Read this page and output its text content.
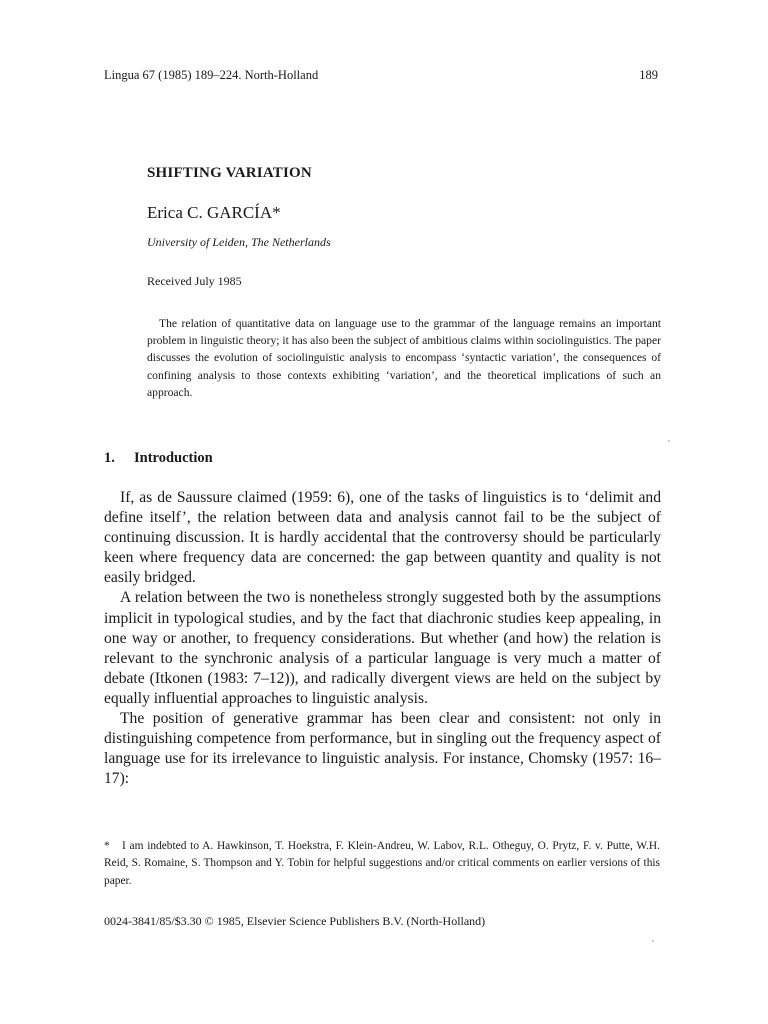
Lingua 67 (1985) 189–224. North-Holland	189
SHIFTING VARIATION
Erica C. GARCÍA*
University of Leiden, The Netherlands
Received July 1985

The relation of quantitative data on language use to the grammar of the language remains an important problem in linguistic theory; it has also been the subject of ambitious claims within sociolinguistics. The paper discusses the evolution of sociolinguistic analysis to encompass ‘syntactic variation’, the consequences of confining analysis to those contexts exhibiting ‘variation’, and the theoretical implications of such an approach.

1. Introduction

If, as de Saussure claimed (1959: 6), one of the tasks of linguistics is to ‘delimit and define itself’, the relation between data and analysis cannot fail to be the subject of continuing discussion. It is hardly accidental that the controversy should be particularly keen where frequency data are concerned: the gap between quantity and quality is not easily bridged.

A relation between the two is nonetheless strongly suggested both by the assumptions implicit in typological studies, and by the fact that diachronic studies keep appealing, in one way or another, to frequency considerations. But whether (and how) the relation is relevant to the synchronic analysis of a particular language is very much a matter of debate (Itkonen (1983: 7–12)), and radically divergent views are held on the subject by equally influential approaches to linguistic analysis.

The position of generative grammar has been clear and consistent: not only in distinguishing competence from performance, but in singling out the frequency aspect of language use for its irrelevance to linguistic analysis. For instance, Chomsky (1957: 16–17):

* I am indebted to A. Hawkinson, T. Hoekstra, F. Klein-Andreu, W. Labov, R.L. Otheguy, O. Prytz, F. v. Putte, W.H. Reid, S. Romaine, S. Thompson and Y. Tobin for helpful suggestions and/or critical comments on earlier versions of this paper.

0024-3841/85/$3.30 © 1985, Elsevier Science Publishers B.V. (North-Holland)
